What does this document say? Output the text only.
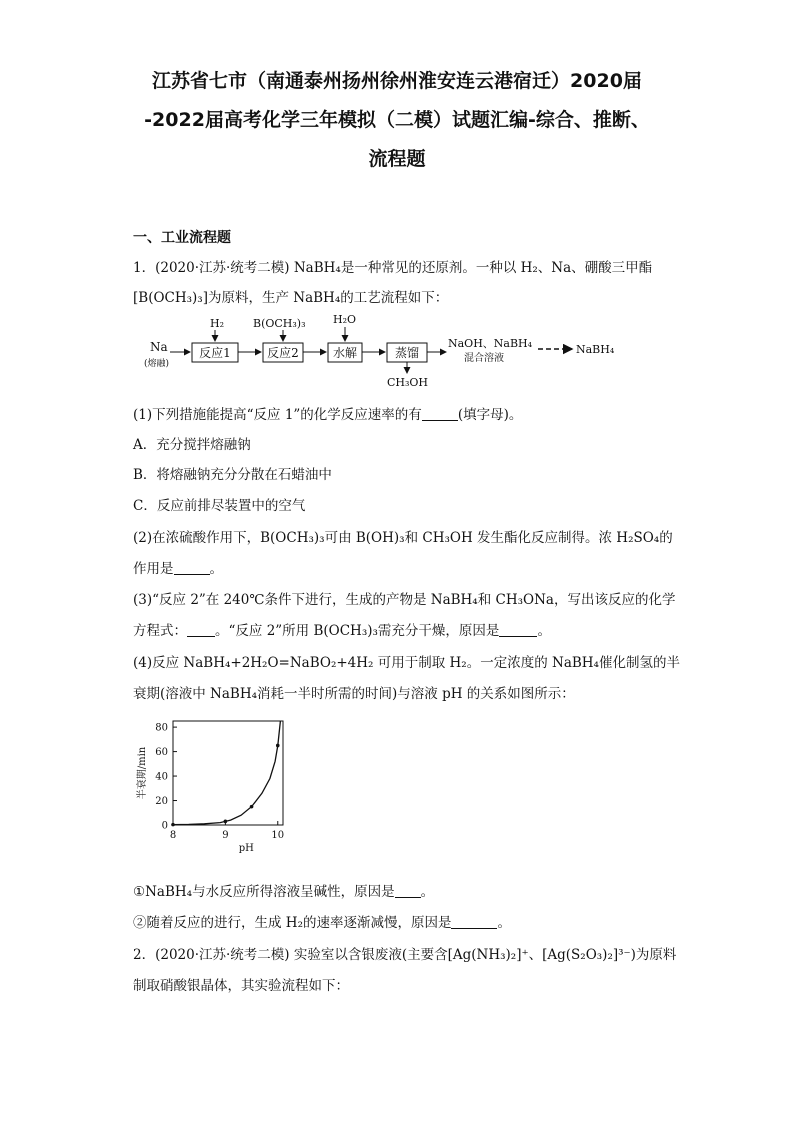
江苏省七市（南通泰州扬州徐州淮安连云港宿迁）2020届
-2022届高考化学三年模拟（二模）试题汇编-综合、推断、
流程题
一、工业流程题
1．(2020·江苏·统考二模) NaBH₄是一种常见的还原剂。一种以 H₂、Na、硼酸三甲酯
[B(OCH₃)₃]为原料，生产 NaBH₄的工艺流程如下：
Na
(熔融)
反应1	反应2	水解	蒸馏
H₂	B(OCH₃)₃ H₂O
CH₃OH
NaOH、NaBH₄
混合溶液
NaBH₄
(1)下列措施能提高“反应 1”的化学反应速率的有	(填字母)。
A．充分搅拌熔融钠
B．将熔融钠充分分散在石蜡油中
C．反应前排尽装置中的空气
(2)在浓硫酸作用下，B(OCH₃)₃可由 B(OH)₃和 CH₃OH 发生酯化反应制得。浓 H₂SO₄的
作用是	。
(3)“反应 2”在 240℃条件下进行，生成的产物是 NaBH₄和 CH₃ONa，写出该反应的化学
方程式： 。“反应 2”所用 B(OCH₃)₃需充分干燥，原因是	。
(4)反应 NaBH₄+2H₂O=NaBO₂+4H₂ 可用于制取 H₂。一定浓度的 NaBH₄催化制氢的半
衰期(溶液中 NaBH₄消耗一半时所需的时间)与溶液 pH 的关系如图所示：
0
20
40
60
80
8	9	10
pH
半衰期/min
①NaBH₄与水反应所得溶液呈碱性，原因是 。
②随着反应的进行，生成 H₂的速率逐渐减慢，原因是	。
2．(2020·江苏·统考二模) 实验室以含银废液(主要含[Ag(NH₃)₂]⁺、[Ag(S₂O₃)₂]³⁻)为原料
制取硝酸银晶体，其实验流程如下：
